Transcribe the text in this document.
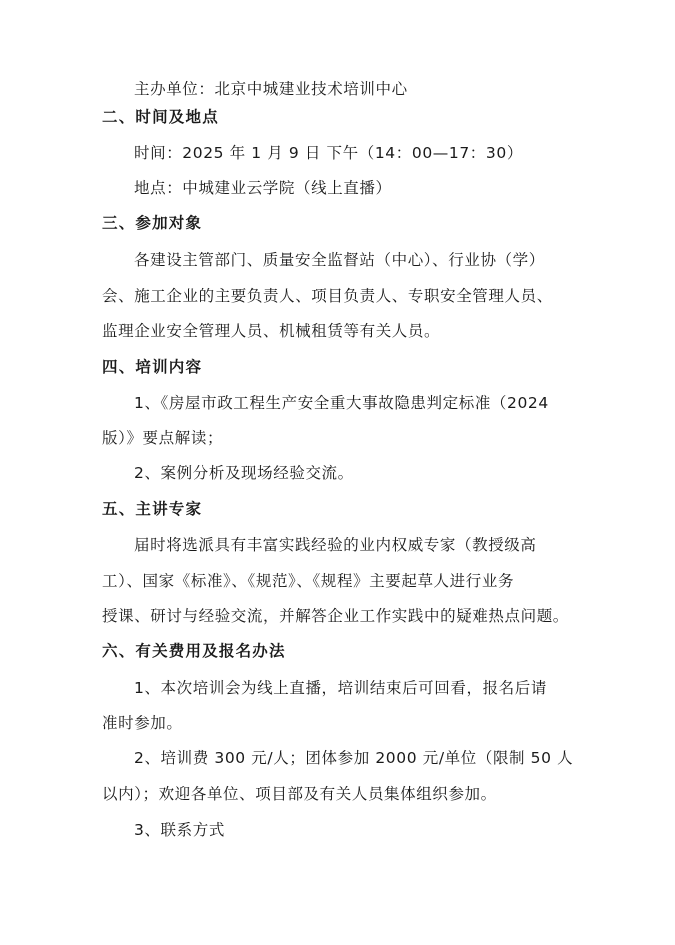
主办单位：北京中城建业技术培训中心
二、时间及地点
时间：2025 年 1 月 9 日 下午（14：00—17：30）
地点：中城建业云学院（线上直播）
三、参加对象
各建设主管部门、质量安全监督站（中心）、行业协（学）
会、施工企业的主要负责人、项目负责人、专职安全管理人员、
监理企业安全管理人员、机械租赁等有关人员。
四、培训内容
1、《房屋市政工程生产安全重大事故隐患判定标准（2024
版）》要点解读；
2、案例分析及现场经验交流。
五、主讲专家
届时将选派具有丰富实践经验的业内权威专家（教授级高
工）、国家《标准》、《规范》、《规程》主要起草人进行业务
授课、研讨与经验交流，并解答企业工作实践中的疑难热点问题。
六、有关费用及报名办法
1、本次培训会为线上直播，培训结束后可回看，报名后请
准时参加。
2、培训费 300 元/人；团体参加 2000 元/单位（限制 50 人
以内）；欢迎各单位、项目部及有关人员集体组织参加。
3、联系方式
